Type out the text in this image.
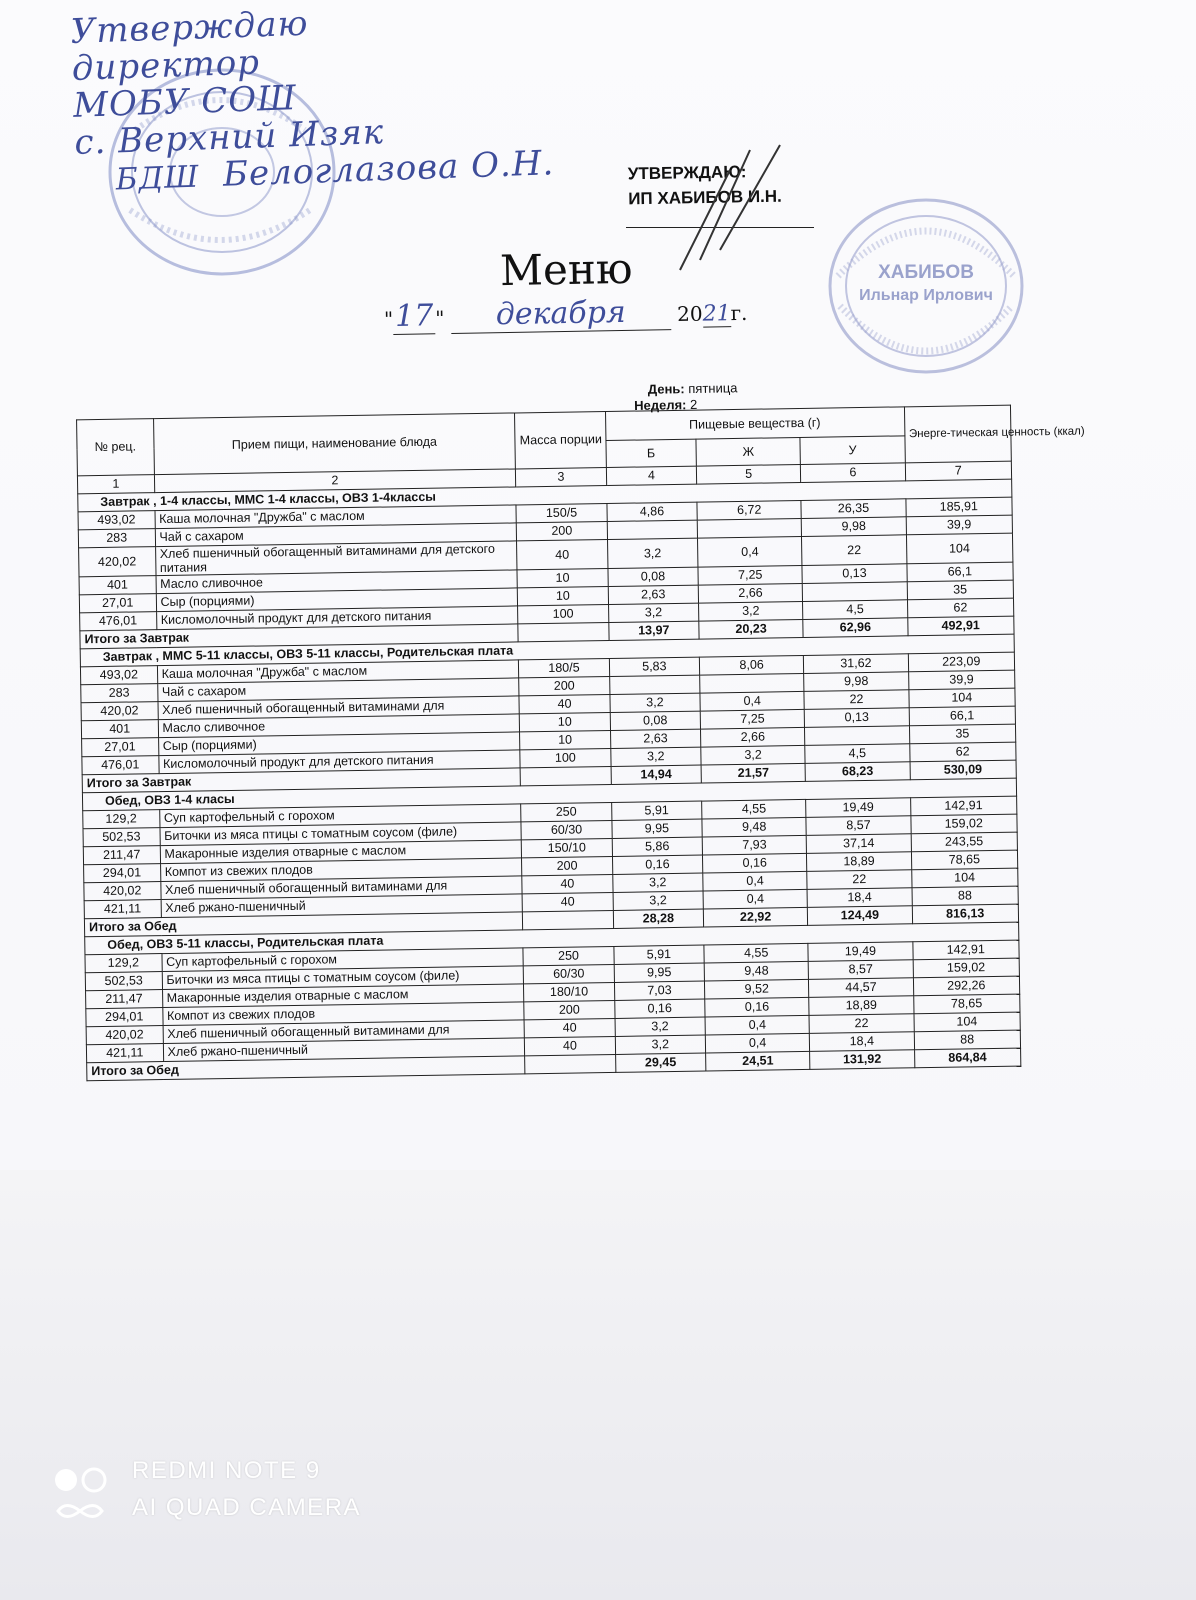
Утверждаю
директор
МОБУ СОШ
с. Верхний Изяк
БДШ Белоглазова О.Н.	УТВЕРЖДАЮ:
ИП ХАБИБОВ И.Н.
ХАБИБОВ
Ильнар Ирлович
Меню
"17" декабря	2021г.
День: пятница
Неделя: 2
№ рец.	Прием пищи, наименование блюда	Масса порции	Пищевые вещества (г)			Энерге-тическая ценность (ккал)
			Б	Ж	У	
1	2	3	4	5	6	7
Завтрак , 1-4 классы, ММС 1-4 классы, ОВЗ 1-4классы						
493,02	Каша молочная "Дружба" с маслом	150/5	4,86	6,72	26,35	185,91
283	Чай с сахаром	200			9,98	39,9
420,02	Хлеб пшеничный обогащенный витаминами для детского питания	40	3,2	0,4	22	104
401	Масло сливочное	10	0,08	7,25	0,13	66,1
27,01	Сыр (порциями)	10	2,63	2,66		35
476,01	Кисломолочный продукт для детского питания	100	3,2	3,2	4,5	62
Итого за Завтрак			13,97	20,23	62,96	492,91
Завтрак , ММС 5-11 классы, ОВЗ 5-11 классы, Родительская плата						
493,02	Каша молочная "Дружба" с маслом	180/5	5,83	8,06	31,62	223,09
283	Чай с сахаром	200			9,98	39,9
420,02	Хлеб пшеничный обогащенный витаминами для	40	3,2	0,4	22	104
401	Масло сливочное	10	0,08	7,25	0,13	66,1
27,01	Сыр (порциями)	10	2,63	2,66		35
476,01	Кисломолочный продукт для детского питания	100	3,2	3,2	4,5	62
Итого за Завтрак			14,94	21,57	68,23	530,09
Обед, ОВЗ 1-4 класы						
129,2	Суп картофельный с горохом	250	5,91	4,55	19,49	142,91
502,53	Биточки из мяса птицы с томатным соусом (филе)	60/30	9,95	9,48	8,57	159,02
211,47	Макаронные изделия отварные с маслом	150/10	5,86	7,93	37,14	243,55
294,01	Компот из свежих плодов	200	0,16	0,16	18,89	78,65
420,02	Хлеб пшеничный обогащенный витаминами для	40	3,2	0,4	22	104
421,11	Хлеб ржано-пшеничный	40	3,2	0,4	18,4	88
Итого за Обед			28,28	22,92	124,49	816,13
Обед, ОВЗ 5-11 классы, Родительская плата						
129,2	Суп картофельный с горохом	250	5,91	4,55	19,49	142,91
502,53	Биточки из мяса птицы с томатным соусом (филе)	60/30	9,95	9,48	8,57	159,02
211,47	Макаронные изделия отварные с маслом	180/10	7,03	9,52	44,57	292,26
294,01	Компот из свежих плодов	200	0,16	0,16	18,89	78,65
420,02	Хлеб пшеничный обогащенный витаминами для	40	3,2	0,4	22	104
421,11	Хлеб ржано-пшеничный	40	3,2	0,4	18,4	88
Итого за Обед			29,45	24,51	131,92	864,84
REDMI NOTE 9
AI QUAD CAMERA
